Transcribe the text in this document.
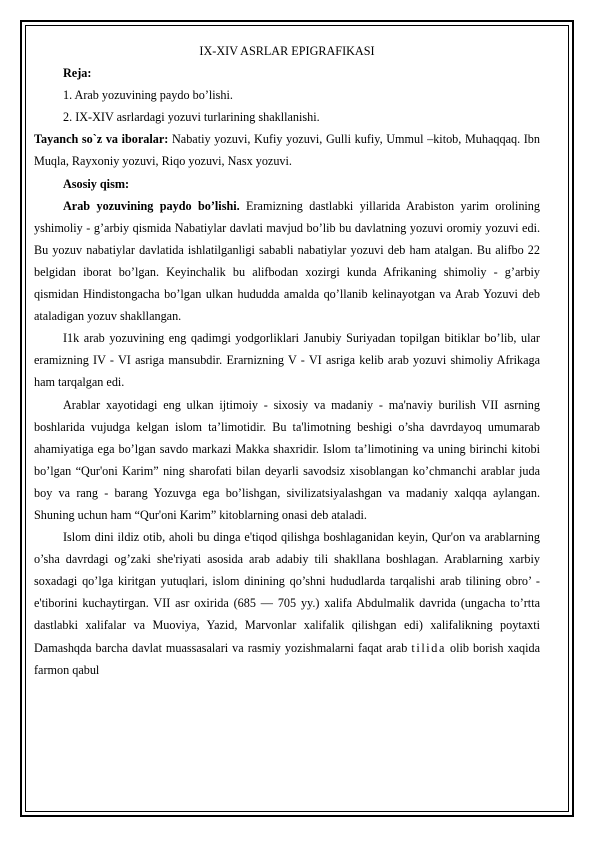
IX-XIV ASRLAR EPIGRAFIKASI

Reja:

1. Arab yozuvining paydo bo’lishi.

2. IX-XIV asrlardagi yozuvi turlarining shakllanishi.

Tayanch so`z va iboralar: Nabatiy yozuvi, Kufiy yozuvi, Gulli kufiy, Ummul –kitob, Muhaqqaq. Ibn Muqla, Rayxoniy yozuvi, Riqo yozuvi, Nasx yozuvi.

Asosiy qism:

Arab yozuvining paydo bo’lishi. Eramizning dastlabki yillarida Arabiston yarim orolining yshimoliy - g’arbiy qismida Nabatiylar davlati mavjud bo’lib bu davlatning yozuvi oromiy yozuvi edi. Bu yozuv nabatiylar davlatida ishlatilganligi sababli nabatiylar yozuvi deb ham atalgan. Bu alifbo 22 belgidan iborat bo’lgan. Keyinchalik bu alifbodan xozirgi kunda Afrikaning shimoliy - g’arbiy qismidan Hindistongacha bo’lgan ulkan hududda amalda qo’llanib kelinayotgan va Arab Yozuvi deb ataladigan yozuv shakllangan.

I1k arab yozuvining eng qadimgi yodgorliklari Janubiy Suriyadan topilgan bitiklar bo’lib, ular eramizning IV - VI asriga mansubdir. Erarnizning V - VI asriga kelib arab yozuvi shimoliy Afrikaga ham tarqalgan edi.

Arablar xayotidagi eng ulkan ijtimoiy - sixosiy va madaniy - ma'naviy burilish VII asrning boshlarida vujudga kelgan islom ta’limotidir. Bu ta'limotning beshigi o’sha davrdayoq umumarab ahamiyatiga ega bo’lgan savdo markazi Makka shaxridir. Islom ta’limotining va uning birinchi kitobi bo’lgan “Qur'oni Karim” ning sharofati bilan deyarli savodsiz xisoblangan ko’chmanchi arablar juda boy va rang - barang Yozuvga ega bo’lishgan, sivilizatsiyalashgan va madaniy xalqqa aylangan. Shuning uchun ham “Qur'oni Karim” kitoblarning onasi deb ataladi.

Islom dini ildiz otib, aholi bu dinga e'tiqod qilishga boshlaganidan keyin, Qur'on va arablarning o’sha davrdagi og’zaki she'riyati asosida arab adabiy tili shakllana boshlagan. Arablarning xarbiy soxadagi qo’lga kiritgan yutuqlari, islom dinining qo’shni hududlarda tarqalishi arab tilining obro’ - e'tiborini kuchaytirgan. VII asr oxirida (685 — 705 yy.) xalifa Abdulmalik davrida (ungacha to’rtta dastlabki xalifalar va Muoviya, Yazid, Marvonlar xalifalik qilishgan edi) xalifalikning poytaxti Damashqda barcha davlat muassasalari va rasmiy yozishmalarni faqat arab tilida olib borish xaqida farmon qabul
